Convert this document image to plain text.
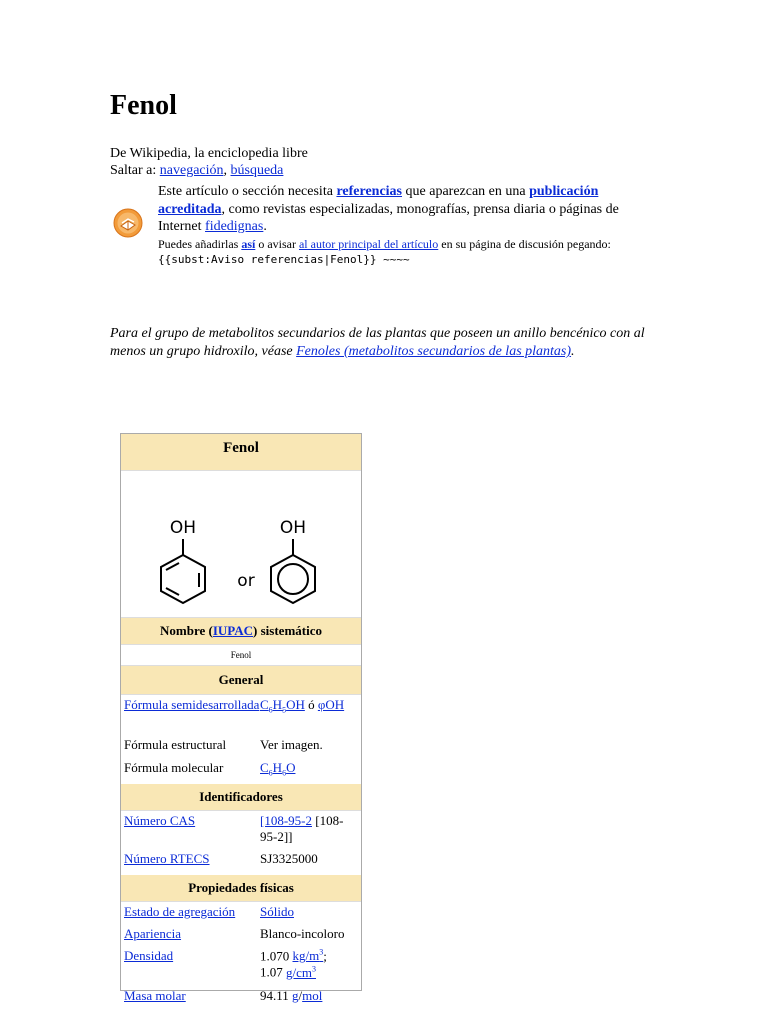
Fenol
De Wikipedia, la enciclopedia libre
Saltar a: navegación, búsqueda
Este artículo o sección necesita referencias que aparezcan en una publicación acreditada, como revistas especializadas, monografías, prensa diaria o páginas de Internet fidedignas.
Puedes añadirlas así o avisar al autor principal del artículo en su página de discusión pegando: {{subst:Aviso referencias|Fenol}} ~~~~
Para el grupo de metabolitos secundarios de las plantas que poseen un anillo bencénico con al menos un grupo hidroxilo, véase Fenoles (metabolitos secundarios de las plantas).
Fenol
OH	OH
or
Nombre (IUPAC) sistemático
Fenol
General
Fórmula semidesarrollada $C_6H_5OH$ ó φOH
Fórmula estructural	Ver imagen.
Fórmula molecular	$C_6H_6O$
Identificadores
Número CAS	[108-95-2 [108-95-2]]
Número RTECS	SJ3325000
Propiedades físicas
Estado de agregación	Sólido
Apariencia	Blanco-incoloro
Densidad	1.070 $kg/m^3$;
1.07 $g/cm^3$
Masa molar	94.11 g/mol
